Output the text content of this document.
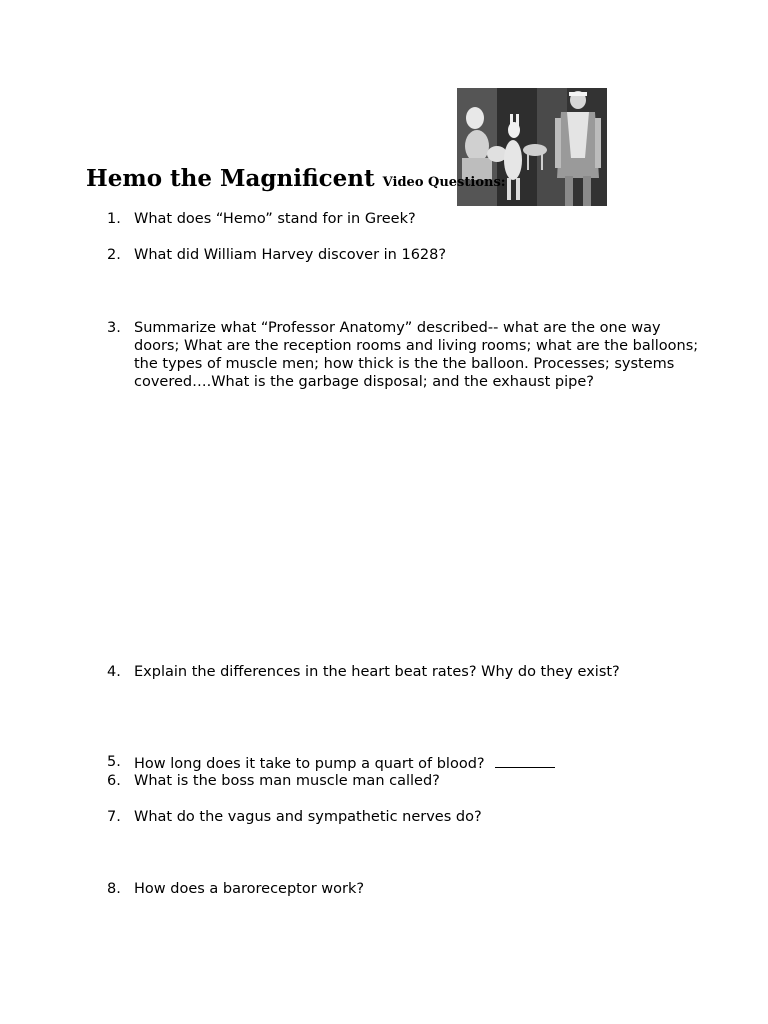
Hemo the Magnificent Video Questions:
1. What does “Hemo” stand for in Greek?
2. What did William Harvey discover in 1628?
3. Summarize what “Professor Anatomy” described-- what are the one way doors; What are the reception rooms and living rooms; what are the balloons; the types of muscle men; how thick is the the balloon. Processes; systems covered….What is the garbage disposal; and the exhaust pipe?
4. Explain the differences in the heart beat rates? Why do they exist?
5. How long does it take to pump a quart of blood?
6. What is the boss man muscle man called?
7. What do the vagus and sympathetic nerves do?
8. How does a baroreceptor work?
